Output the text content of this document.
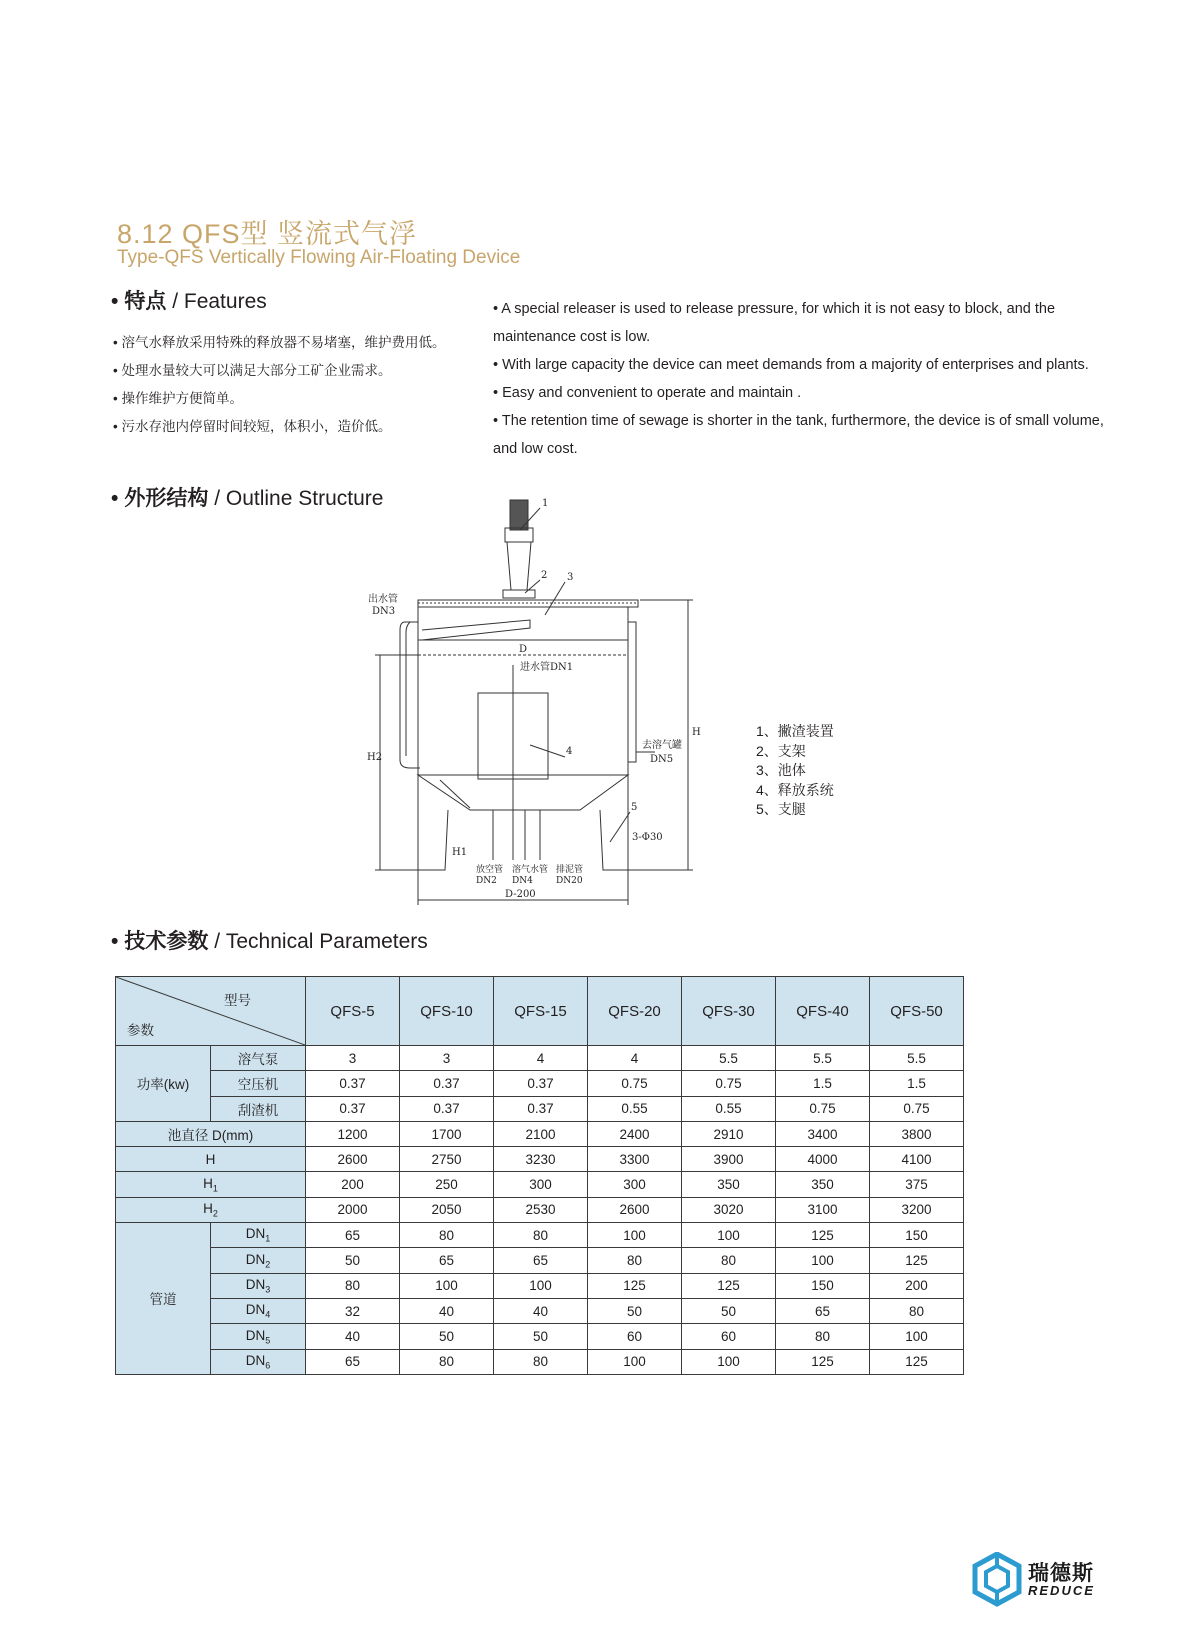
8.12 QFS型 竖流式气浮
Type-QFS Vertically Flowing Air-Floating Device
• 特点 / Features
• 溶气水释放采用特殊的释放器不易堵塞，维护费用低。
• 处理水量较大可以满足大部分工矿企业需求。
• 操作维护方便简单。
• 污水存池内停留时间较短，体积小，造价低。

• A special releaser is used to release pressure, for which it is not easy to block, and the maintenance cost is low.

• With large capacity the device can meet demands from a majority of enterprises and plants.

• Easy and convenient to operate and maintain .

• The retention time of sewage is shorter in the tank, furthermore, the device is of small volume, and low cost.

• 外形结构 / Outline Structure	1
2 3
4
5
出水管
DN3
进水管DN1
D
H
H2
H1
去溶气罐
DN5
3-Φ30
D-200
放空管
DN2
溶气水管
DN4
排泥管
DN20
1、撇渣装置
2、支架
3、池体
4、释放系统
5、支腿
• 技术参数 / Technical Parameters
型号
参数		QFS-5	QFS-10	QFS-15	QFS-20	QFS-30	QFS-40	QFS-50
功率(kw)	溶气泵	3	3	4	4	5.5	5.5	5.5
	空压机	0.37	0.37	0.37	0.75	0.75	1.5	1.5
	刮渣机	0.37	0.37	0.37	0.55	0.55	0.75	0.75
池直径 D(mm)		1200	1700	2100	2400	2910	3400	3800
H		2600	2750	3230	3300	3900	4000	4100
$H_1$		200	250	300	300	350	350	375
$H_2$		2000	2050	2530	2600	3020	3100	3200
管道	$DN_1$	65	80	80	100	100	125	150
	$DN_2$	50	65	65	80	80	100	125
	$DN_3$	80	100	100	125	125	150	200
	$DN_4$	32	40	40	50	50	65	80
	$DN_5$	40	50	50	60	60	80	100
	$DN_6$	65	80	80	100	100	125	125
瑞德斯
REDUCE
